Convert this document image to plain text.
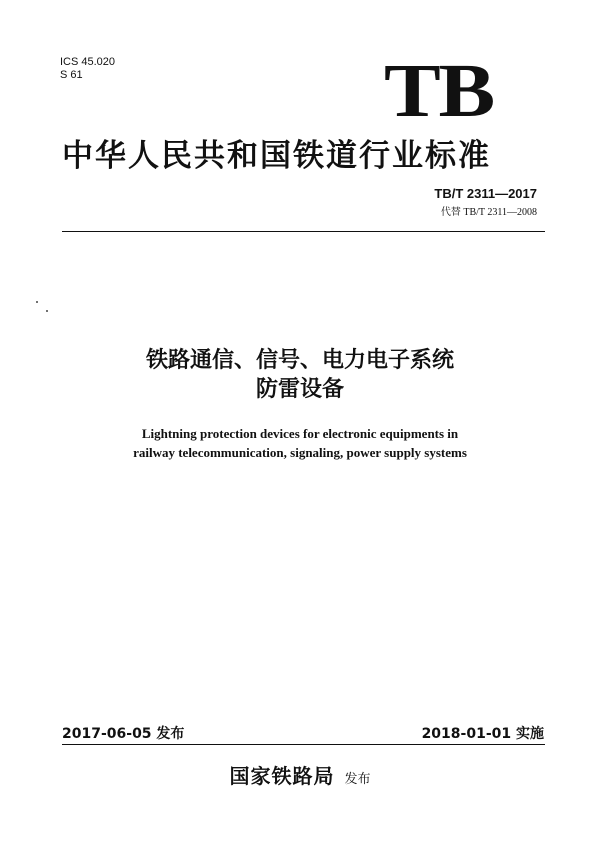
ICS 45.020
S 61	TB
中华人民共和国铁道行业标准
TB/T 2311—2017
代替 TB/T 2311—2008
铁路通信、信号、电力电子系统
防雷设备
Lightning protection devices for electronic equipments in
railway telecommunication, signaling, power supply systems
2017-06-05 发布	2018-01-01 实施
国家铁路局 发布
